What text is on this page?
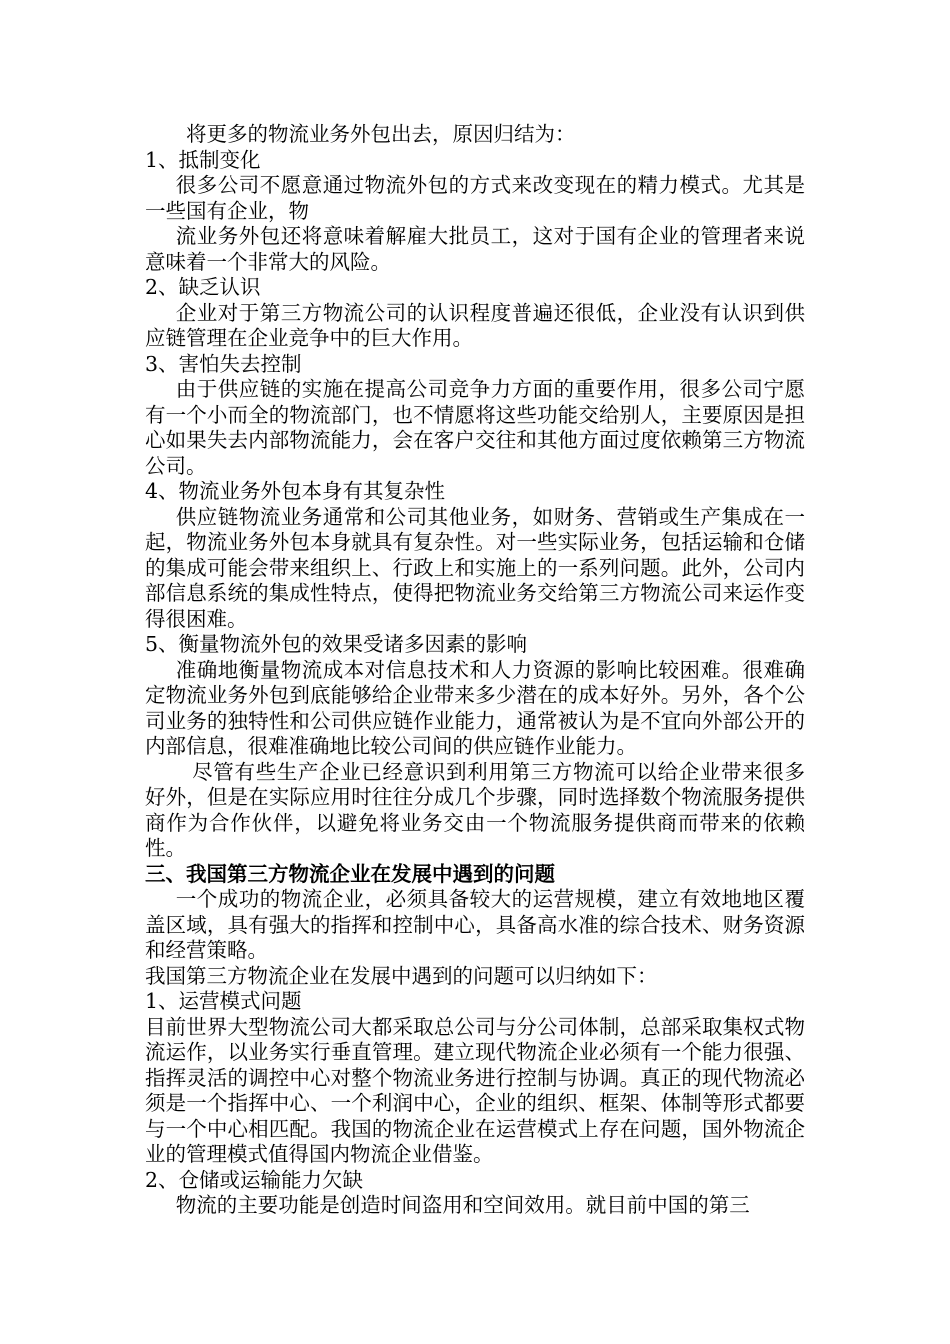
将更多的物流业务外包出去，原因归结为：

1、抵制变化

很多公司不愿意通过物流外包的方式来改变现在的精力模式。尤其是一些国有企业，物

流业务外包还将意味着解雇大批员工，这对于国有企业的管理者来说意味着一个非常大的风险。

2、缺乏认识

企业对于第三方物流公司的认识程度普遍还很低，企业没有认识到供应链管理在企业竞争中的巨大作用。

3、害怕失去控制

由于供应链的实施在提高公司竞争力方面的重要作用，很多公司宁愿有一个小而全的物流部门，也不情愿将这些功能交给别人，主要原因是担心如果失去内部物流能力，会在客户交往和其他方面过度依赖第三方物流公司。

4、物流业务外包本身有其复杂性

供应链物流业务通常和公司其他业务，如财务、营销或生产集成在一起，物流业务外包本身就具有复杂性。对一些实际业务，包括运输和仓储的集成可能会带来组织上、行政上和实施上的一系列问题。此外，公司内部信息系统的集成性特点，使得把物流业务交给第三方物流公司来运作变得很困难。

5、衡量物流外包的效果受诸多因素的影响

准确地衡量物流成本对信息技术和人力资源的影响比较困难。很难确定物流业务外包到底能够给企业带来多少潜在的成本好外。另外，各个公司业务的独特性和公司供应链作业能力，通常被认为是不宜向外部公开的内部信息，很难准确地比较公司间的供应链作业能力。

尽管有些生产企业已经意识到利用第三方物流可以给企业带来很多好外，但是在实际应用时往往分成几个步骤，同时选择数个物流服务提供商作为合作伙伴，以避免将业务交由一个物流服务提供商而带来的依赖性。

三、我国第三方物流企业在发展中遇到的问题

一个成功的物流企业，必须具备较大的运营规模，建立有效地地区覆盖区域，具有强大的指挥和控制中心，具备高水准的综合技术、财务资源和经营策略。

我国第三方物流企业在发展中遇到的问题可以归纳如下：

1、运营模式问题

目前世界大型物流公司大都采取总公司与分公司体制，总部采取集权式物流运作，以业务实行垂直管理。建立现代物流企业必须有一个能力很强、指挥灵活的调控中心对整个物流业务进行控制与协调。真正的现代物流必须是一个指挥中心、一个利润中心，企业的组织、框架、体制等形式都要与一个中心相匹配。我国的物流企业在运营模式上存在问题，国外物流企业的管理模式值得国内物流企业借鉴。

2、仓储或运输能力欠缺

物流的主要功能是创造时间盗用和空间效用。就目前中国的第三
